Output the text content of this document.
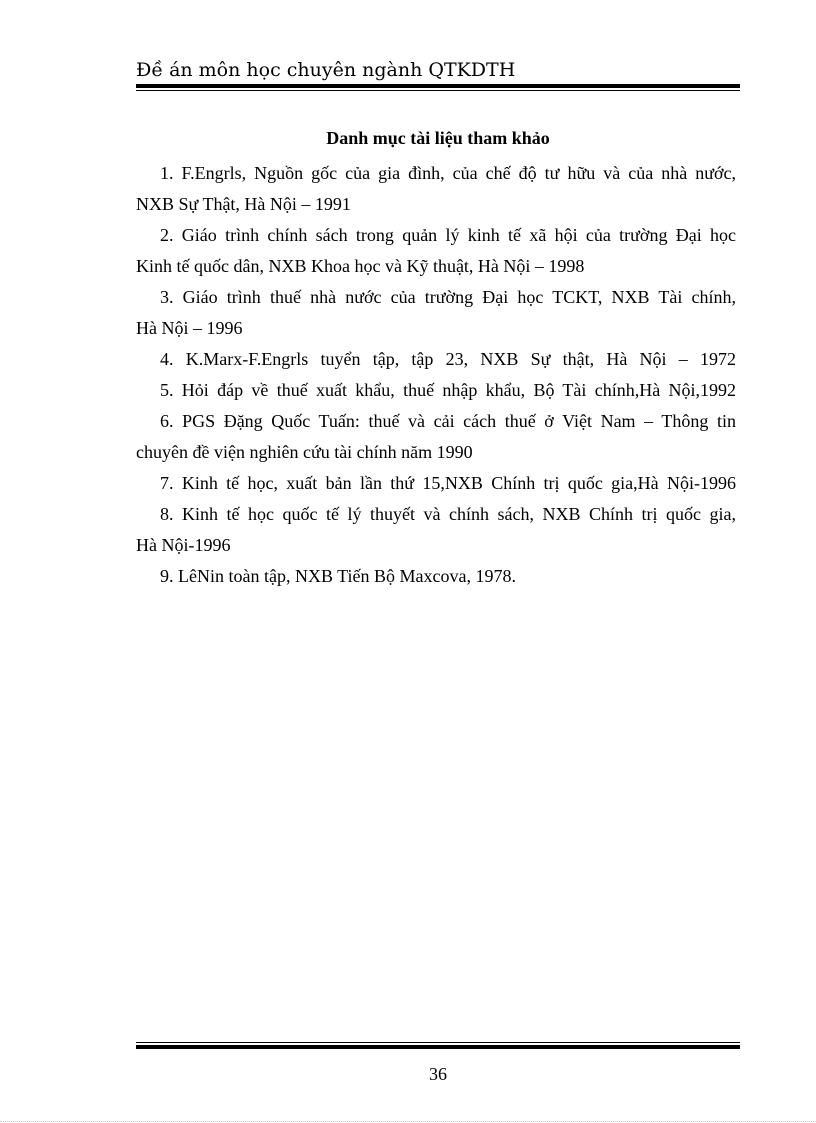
Đề án môn học chuyên ngành QTKDTH
Danh mục tài liệu tham khảo

1. F.Engrls, Nguồn gốc của gia đình, của chế độ tư hữu và của nhà nước,

NXB Sự Thật, Hà Nội – 1991

2. Giáo trình chính sách trong quản lý kinh tế xã hội của trường Đại học

Kinh tế quốc dân, NXB Khoa học và Kỹ thuật, Hà Nội – 1998

3. Giáo trình thuế nhà nước của trường Đại học TCKT, NXB Tài chính,

Hà Nội – 1996

4. K.Marx-F.Engrls tuyển tập, tập 23, NXB Sự thật, Hà Nội – 1972

5. Hỏi đáp về thuế xuất khẩu, thuế nhập khẩu, Bộ Tài chính,Hà Nội,1992

6. PGS Đặng Quốc Tuấn: thuế và cải cách thuế ở Việt Nam – Thông tin

chuyên đề viện nghiên cứu tài chính năm 1990

7. Kinh tế học, xuất bản lần thứ 15,NXB Chính trị quốc gia,Hà Nội-1996

8. Kinh tế học quốc tế lý thuyết và chính sách, NXB Chính trị quốc gia,

Hà Nội-1996

9. LêNin toàn tập, NXB Tiến Bộ Maxcova, 1978.

36
